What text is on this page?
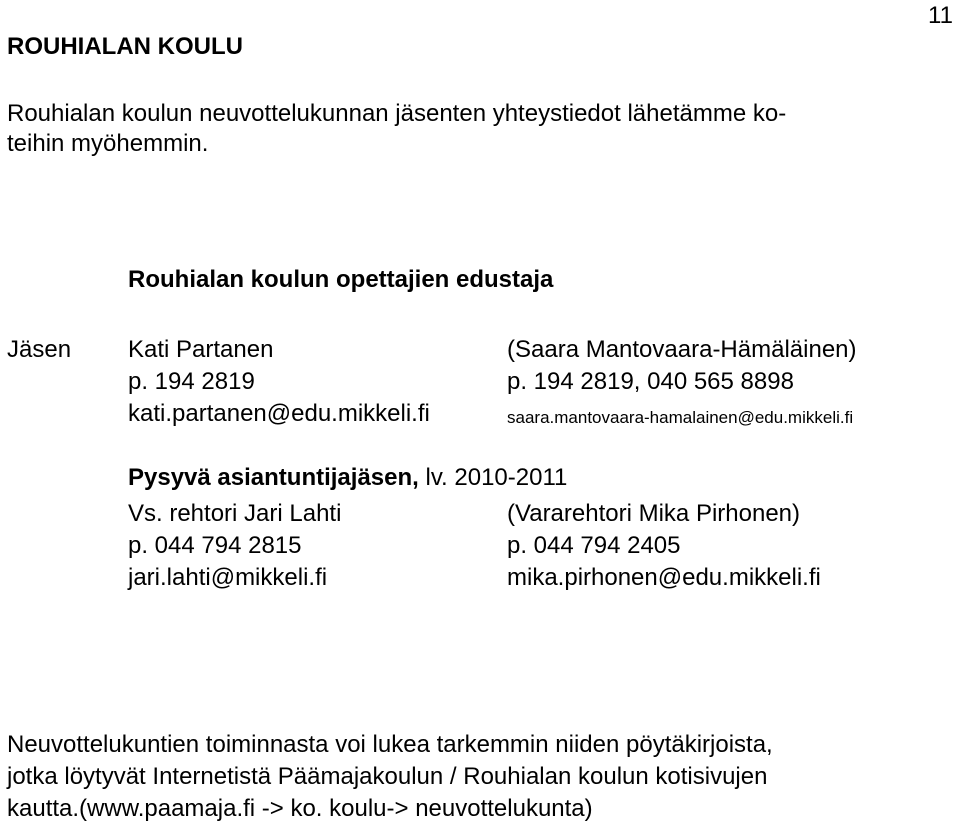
11
ROUHIALAN KOULU
Rouhialan koulun neuvottelukunnan jäsenten yhteystiedot lähetämme ko-
teihin myöhemmin.
Rouhialan koulun opettajien edustaja
Jäsen Kati Partanen
p. 194 2819
kati.partanen@edu.mikkeli.fi
(Saara Mantovaara-Hämäläinen)
p. 194 2819, 040 565 8898
saara.mantovaara-hamalainen@edu.mikkeli.fi
Pysyvä asiantuntijajäsen, lv. 2010-2011
Vs. rehtori Jari Lahti
p. 044 794 2815
jari.lahti@mikkeli.fi
(Vararehtori Mika Pirhonen)
p. 044 794 2405
mika.pirhonen@edu.mikkeli.fi
Neuvottelukuntien toiminnasta voi lukea tarkemmin niiden pöytäkirjoista,
jotka löytyvät Internetistä Päämajakoulun / Rouhialan koulun kotisivujen
kautta.(www.paamaja.fi -> ko. koulu-> neuvottelukunta)
